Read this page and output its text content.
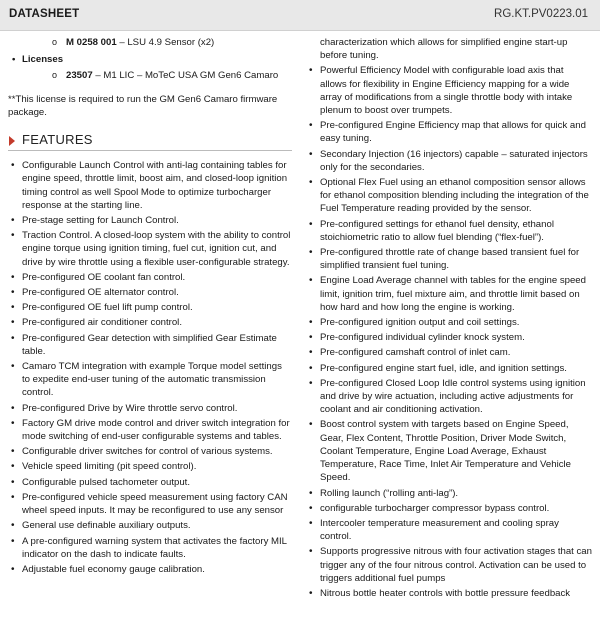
DATASHEET	RG.KT.PV0223.01
o M 0258 001 – LSU 4.9 Sensor (x2)
• Licenses
o 23507 – M1 LIC – MoTeC USA GM Gen6 Camaro
**This license is required to run the GM Gen6 Camaro firmware package.
FEATURES
• Configurable Launch Control with anti-lag containing tables for engine speed, throttle limit, boost aim, and closed-loop ignition timing control as well Spool Mode to optimize turbocharger response at the starting line.
• Pre-stage setting for Launch Control.
• Traction Control. A closed-loop system with the ability to control engine torque using ignition timing, fuel cut, ignition cut, and drive by wire throttle using a flexible user-configurable strategy.
• Pre-configured OE coolant fan control.
• Pre-configured OE alternator control.
• Pre-configured OE fuel lift pump control.
• Pre-configured air conditioner control.
• Pre-configured Gear detection with simplified Gear Estimate table.
• Camaro TCM integration with example Torque model settings to expedite end-user tuning of the automatic transmission control.
• Pre-configured Drive by Wire throttle servo control.
• Factory GM drive mode control and driver switch integration for mode switching of end-user configurable systems and tables.
• Configurable driver switches for control of various systems.
• Vehicle speed limiting (pit speed control).
• Configurable pulsed tachometer output.
• Pre-configured vehicle speed measurement using factory CAN wheel speed inputs. It may be reconfigured to use any sensor
• General use definable auxiliary outputs.
• A pre-configured warning system that activates the factory MIL indicator on the dash to indicate faults.
• Adjustable fuel economy gauge calibration.
characterization which allows for simplified engine start-up before tuning.
• Powerful Efficiency Model with configurable load axis that allows for flexibility in Engine Efficiency mapping for a wide array of modifications from a single throttle body with intake plenum to boost over trumpets.
• Pre-configured Engine Efficiency map that allows for quick and easy tuning.
• Secondary Injection (16 injectors) capable – saturated injectors only for the secondaries.
• Optional Flex Fuel using an ethanol composition sensor allows for ethanol composition blending including the integration of the Fuel Temperature reading provided by the sensor.
• Pre-configured settings for ethanol fuel density, ethanol stoichiometric ratio to allow fuel blending (“flex-fuel”).
• Pre-configured throttle rate of change based transient fuel for simplified transient fuel tuning.
• Engine Load Average channel with tables for the engine speed limit, ignition trim, fuel mixture aim, and throttle limit based on how hard and how long the engine is working.
• Pre-configured ignition output and coil settings.
• Pre-configured individual cylinder knock system.
• Pre-configured camshaft control of inlet cam.
• Pre-configured engine start fuel, idle, and ignition settings.
• Pre-configured Closed Loop Idle control systems using ignition and drive by wire actuation, including active adjustments for coolant and air conditioning activation.
• Boost control system with targets based on Engine Speed, Gear, Flex Content, Throttle Position, Driver Mode Switch, Coolant Temperature, Engine Load Average, Exhaust Temperature, Race Time, Inlet Air Temperature and Vehicle Speed.
• Rolling launch (“rolling anti-lag”).
• configurable turbocharger compressor bypass control.
• Intercooler temperature measurement and cooling spray control.
• Supports progressive nitrous with four activation stages that can trigger any of the four nitrous control. Activation can be used to triggers additional fuel pumps
• Nitrous bottle heater controls with bottle pressure feedback
